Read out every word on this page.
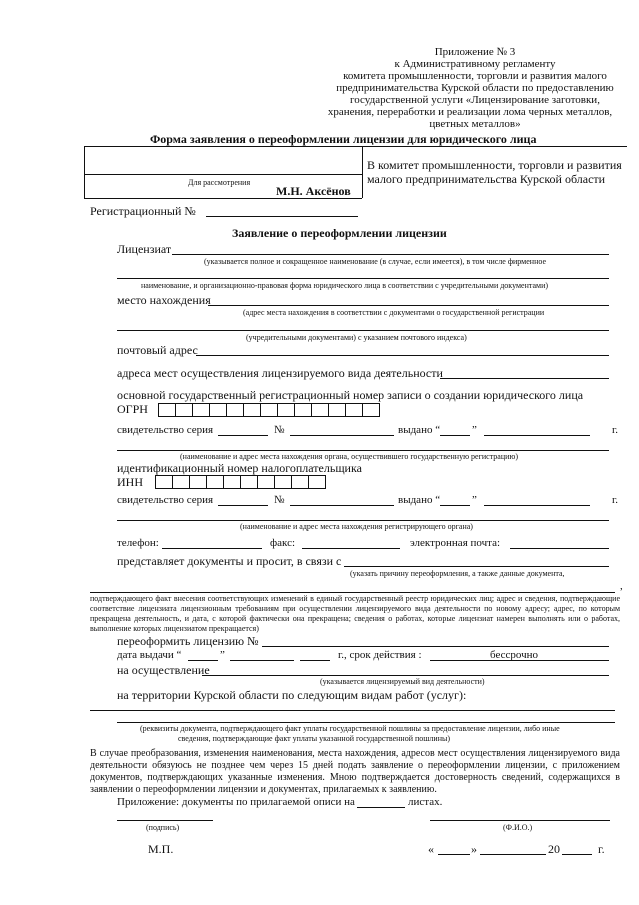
Приложение № 3
к Административному регламенту
комитета промышленности, торговли и развития малого
предпринимательства Курской области по предоставлению
государственной услуги «Лицензирование заготовки,
хранения, переработки и реализации лома черных металлов,
цветных металлов»
Форма заявления о переоформлении лицензии для юридического лица
Для рассмотрения
М.Н. Аксёнов
В комитет промышленности, торговли и развития
малого предпринимательства Курской области
Регистрационный №
Заявление о переоформлении лицензии
Лицензиат
(указывается полное и сокращенное наименование (в случае, если имеется), в том числе фирменное
наименование, и организационно-правовая форма юридического лица в соответствии с учредительными документами)
место нахождения
(адрес места нахождения в соответствии с документами о государственной регистрации
(учредительными документами) с указанием почтового индекса)
почтовый адрес
адреса мест осуществления лицензируемого вида деятельности
основной государственный регистрационный номер записи о создании юридического лица
ОГРН
свидетельство серия	№	выдано “	”	г.
(наименование и адрес места нахождения органа, осуществившего государственную регистрацию)
идентификационный номер налогоплательщика
ИНН
свидетельство серия	№	выдано “	”	г.
(наименование и адрес места нахождения регистрирующего органа)
телефон:	факс:	электронная почта:
представляет документы и просит, в связи с
(указать причину переоформления, а также данные документа,
,
подтверждающего факт внесения соответствующих изменений в единый государственный реестр юридических лиц; адрес и сведения, подтверждающие соответствие лицензиата лицензионным требованиям при осуществлении лицензируемого вида деятельности по новому адресу; адрес, по которым прекращена деятельность, и дата, с которой фактически она прекращена; сведения о работах, которые лицензиат намерен выполнять или о работах, выполнение которых лицензиатом прекращается)
переоформить лицензию №
дата выдачи “	”	г., срок действия :	бессрочно
на осуществление
(указывается лицензируемый вид деятельности)
на территории Курской области по следующим видам работ (услуг):
(реквизиты документа, подтверждающего факт уплаты государственной пошлины за предоставление лицензии, либо иные
сведения, подтверждающие факт уплаты указанной государственной пошлины)
В случае преобразования, изменения наименования, места нахождения, адресов мест осуществления лицензируемого вида деятельности обязуюсь не позднее чем через 15 дней подать заявление о переоформлении лицензии, с приложением документов, подтверждающих указанные изменения. Мною подтверждается достоверность сведений, содержащихся в заявлении о переоформлении лицензии и документах, прилагаемых к заявлению.
Приложение: документы по прилагаемой описи на	листах.
(подпись)	(Ф.И.О.)
М.П.	«	»	20	г.
